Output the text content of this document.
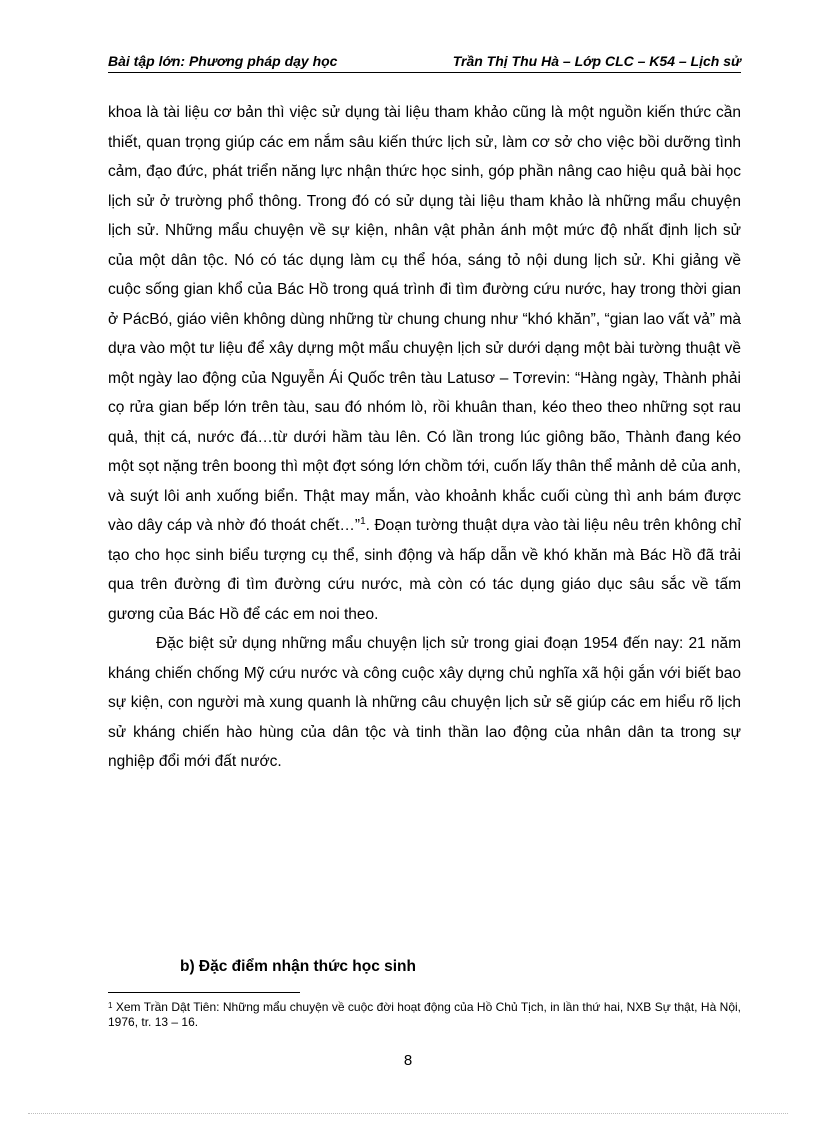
Bài tập lớn: Phương pháp dạy học	Trần Thị Thu Hà – Lớp CLC – K54 – Lịch sử

khoa là tài liệu cơ bản thì việc sử dụng tài liệu tham khảo cũng là một nguồn kiến thức cần thiết, quan trọng giúp các em nắm sâu kiến thức lịch sử, làm cơ sở cho việc bồi dưỡng tình cảm, đạo đức, phát triển năng lực nhận thức học sinh, góp phần nâng cao hiệu quả bài học lịch sử ở trường phổ thông. Trong đó có sử dụng tài liệu tham khảo là những mẩu chuyện lịch sử. Những mẩu chuyện về sự kiện, nhân vật phản ánh một mức độ nhất định lịch sử của một dân tộc. Nó có tác dụng làm cụ thể hóa, sáng tỏ nội dung lịch sử. Khi giảng về cuộc sống gian khổ của Bác Hồ trong quá trình đi tìm đường cứu nước, hay trong thời gian ở PácBó, giáo viên không dùng những từ chung chung như “khó khăn”, “gian lao vất vả” mà dựa vào một tư liệu để xây dựng một mẩu chuyện lịch sử dưới dạng một bài tường thuật về một ngày lao động của Nguyễn Ái Quốc trên tàu Latusơ – Tơrevin: “Hàng ngày, Thành phải cọ rửa gian bếp lớn trên tàu, sau đó nhóm lò, rồi khuân than, kéo theo theo những sọt rau quả, thịt cá, nước đá…từ dưới hầm tàu lên. Có lần trong lúc giông bão, Thành đang kéo một sọt nặng trên boong thì một đợt sóng lớn chồm tới, cuốn lấy thân thể mảnh dẻ của anh, và suýt lôi anh xuống biển. Thật may mắn, vào khoảnh khắc cuối cùng thì anh bám được vào dây cáp và nhờ đó thoát chết…”$^1$. Đoạn tường thuật dựa vào tài liệu nêu trên không chỉ tạo cho học sinh biểu tượng cụ thể, sinh động và hấp dẫn về khó khăn mà Bác Hồ đã trải qua trên đường đi tìm đường cứu nước, mà còn có tác dụng giáo dục sâu sắc về tấm gương của Bác Hồ để các em noi theo.

Đặc biệt sử dụng những mẩu chuyện lịch sử trong giai đoạn 1954 đến nay: 21 năm kháng chiến chống Mỹ cứu nước và công cuộc xây dựng chủ nghĩa xã hội gắn với biết bao sự kiện, con người mà xung quanh là những câu chuyện lịch sử sẽ giúp các em hiểu rõ lịch sử kháng chiến hào hùng của dân tộc và tinh thần lao động của nhân dân ta trong sự nghiệp đổi mới đất nước.

b) Đặc điểm nhận thức học sinh
$^1$ Xem Trần Dật Tiên: Những mẩu chuyện về cuộc đời hoạt động của Hồ Chủ Tịch, in lần thứ hai, NXB Sự thật, Hà Nội, 1976, tr. 13 – 16.
8
